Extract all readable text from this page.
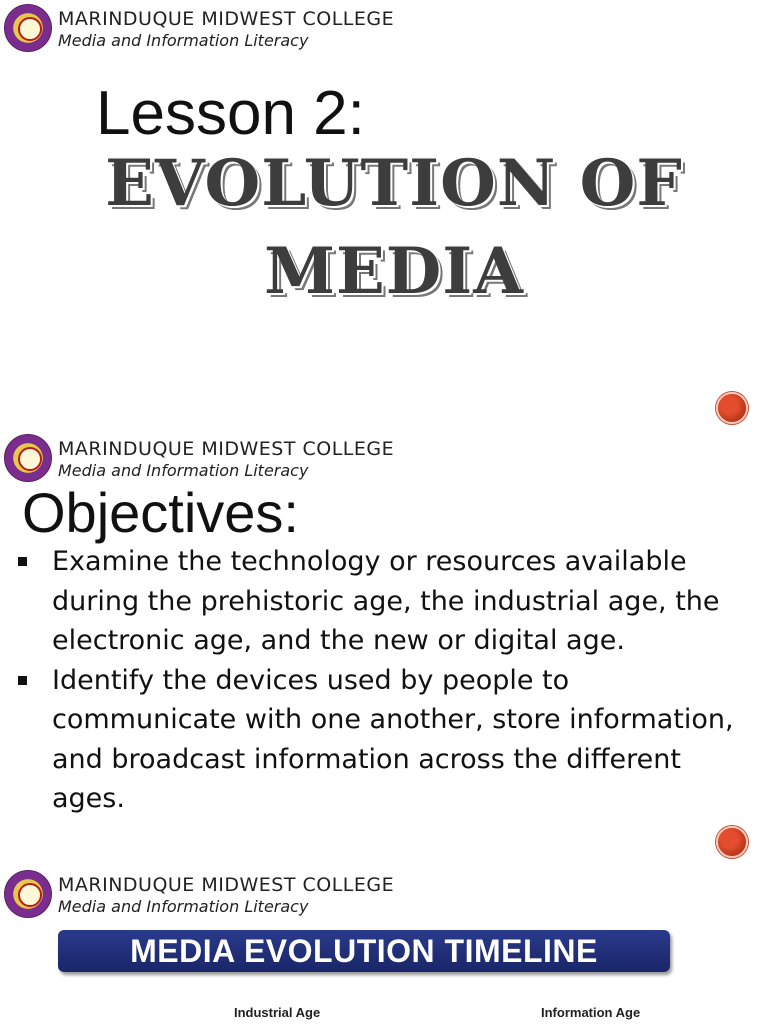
MARINDUQUE MIDWEST COLLEGE
Media and Information Literacy
Lesson 2:
EVOLUTION OF MEDIA
MARINDUQUE MIDWEST COLLEGE
Media and Information Literacy
Objectives:
Examine the technology or resources available during the prehistoric age, the industrial age, the electronic age, and the new or digital age.
Identify the devices used by people to communicate with one another, store information, and broadcast information across the different ages.
MARINDUQUE MIDWEST COLLEGE
Media and Information Literacy
MEDIA EVOLUTION TIMELINE
Industrial Age	Information Age
